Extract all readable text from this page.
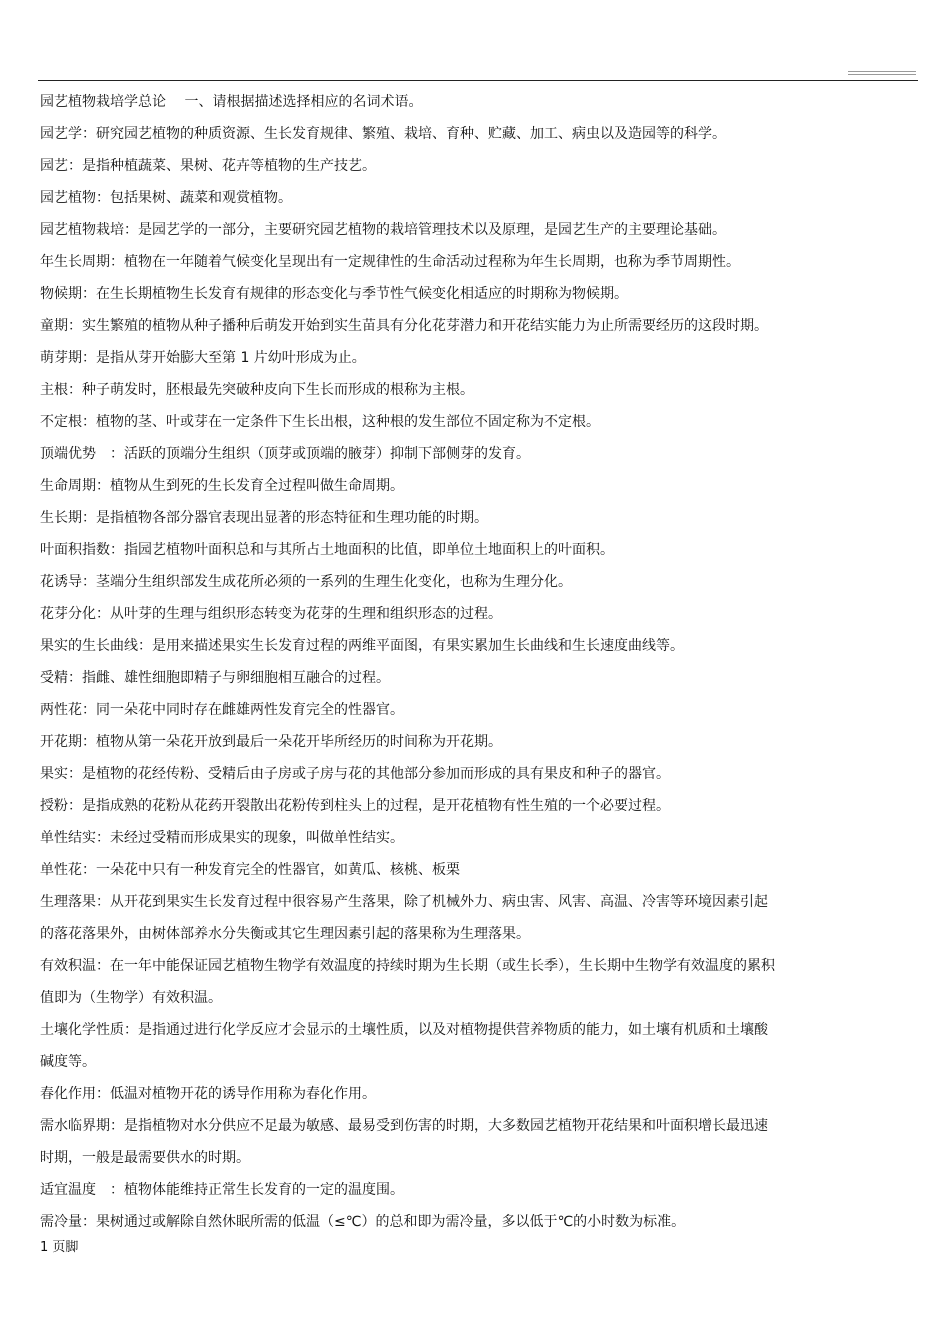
园艺植物栽培学总论　 一、请根据描述选择相应的名词术语。
园艺学：研究园艺植物的种质资源、生长发育规律、繁殖、栽培、育种、贮藏、加工、病虫以及造园等的科学。
园艺：是指种植蔬菜、果树、花卉等植物的生产技艺。
园艺植物：包括果树、蔬菜和观赏植物。
园艺植物栽培：是园艺学的一部分，主要研究园艺植物的栽培管理技术以及原理，是园艺生产的主要理论基础。
年生长周期：植物在一年随着气候变化呈现出有一定规律性的生命活动过程称为年生长周期，也称为季节周期性。
物候期：在生长期植物生长发育有规律的形态变化与季节性气候变化相适应的时期称为物候期。
童期：实生繁殖的植物从种子播种后萌发开始到实生苗具有分化花芽潜力和开花结实能力为止所需要经历的这段时期。
萌芽期：是指从芽开始膨大至第 1 片幼叶形成为止。
主根：种子萌发时，胚根最先突破种皮向下生长而形成的根称为主根。
不定根：植物的茎、叶或芽在一定条件下生长出根，这种根的发生部位不固定称为不定根。
顶端优势　：活跃的顶端分生组织（顶芽或顶端的腋芽）抑制下部侧芽的发育。
生命周期：植物从生到死的生长发育全过程叫做生命周期。
生长期：是指植物各部分器官表现出显著的形态特征和生理功能的时期。
叶面积指数：指园艺植物叶面积总和与其所占土地面积的比值，即单位土地面积上的叶面积。
花诱导：茎端分生组织部发生成花所必须的一系列的生理生化变化，也称为生理分化。
花芽分化：从叶芽的生理与组织形态转变为花芽的生理和组织形态的过程。
果实的生长曲线：是用来描述果实生长发育过程的两维平面图，有果实累加生长曲线和生长速度曲线等。
受精：指雌、雄性细胞即精子与卵细胞相互融合的过程。
两性花：同一朵花中同时存在雌雄两性发育完全的性器官。
开花期：植物从第一朵花开放到最后一朵花开毕所经历的时间称为开花期。
果实：是植物的花经传粉、受精后由子房或子房与花的其他部分参加而形成的具有果皮和种子的器官。
授粉：是指成熟的花粉从花药开裂散出花粉传到柱头上的过程，是开花植物有性生殖的一个必要过程。
单性结实：未经过受精而形成果实的现象，叫做单性结实。
单性花：一朵花中只有一种发育完全的性器官，如黄瓜、核桃、板栗
生理落果：从开花到果实生长发育过程中很容易产生落果，除了机械外力、病虫害、风害、高温、冷害等环境因素引起
的落花落果外，由树体部养水分失衡或其它生理因素引起的落果称为生理落果。
有效积温：在一年中能保证园艺植物生物学有效温度的持续时期为生长期（或生长季），生长期中生物学有效温度的累积
值即为（生物学）有效积温。
土壤化学性质：是指通过进行化学反应才会显示的土壤性质，以及对植物提供营养物质的能力，如土壤有机质和土壤酸
碱度等。
春化作用：低温对植物开花的诱导作用称为春化作用。
需水临界期：是指植物对水分供应不足最为敏感、最易受到伤害的时期，大多数园艺植物开花结果和叶面积增长最迅速
时期，一般是最需要供水的时期。
适宜温度　：植物体能维持正常生长发育的一定的温度围。
需冷量：果树通过或解除自然休眠所需的低温（≤℃）的总和即为需冷量，多以低于℃的小时数为标准。
1 页脚
